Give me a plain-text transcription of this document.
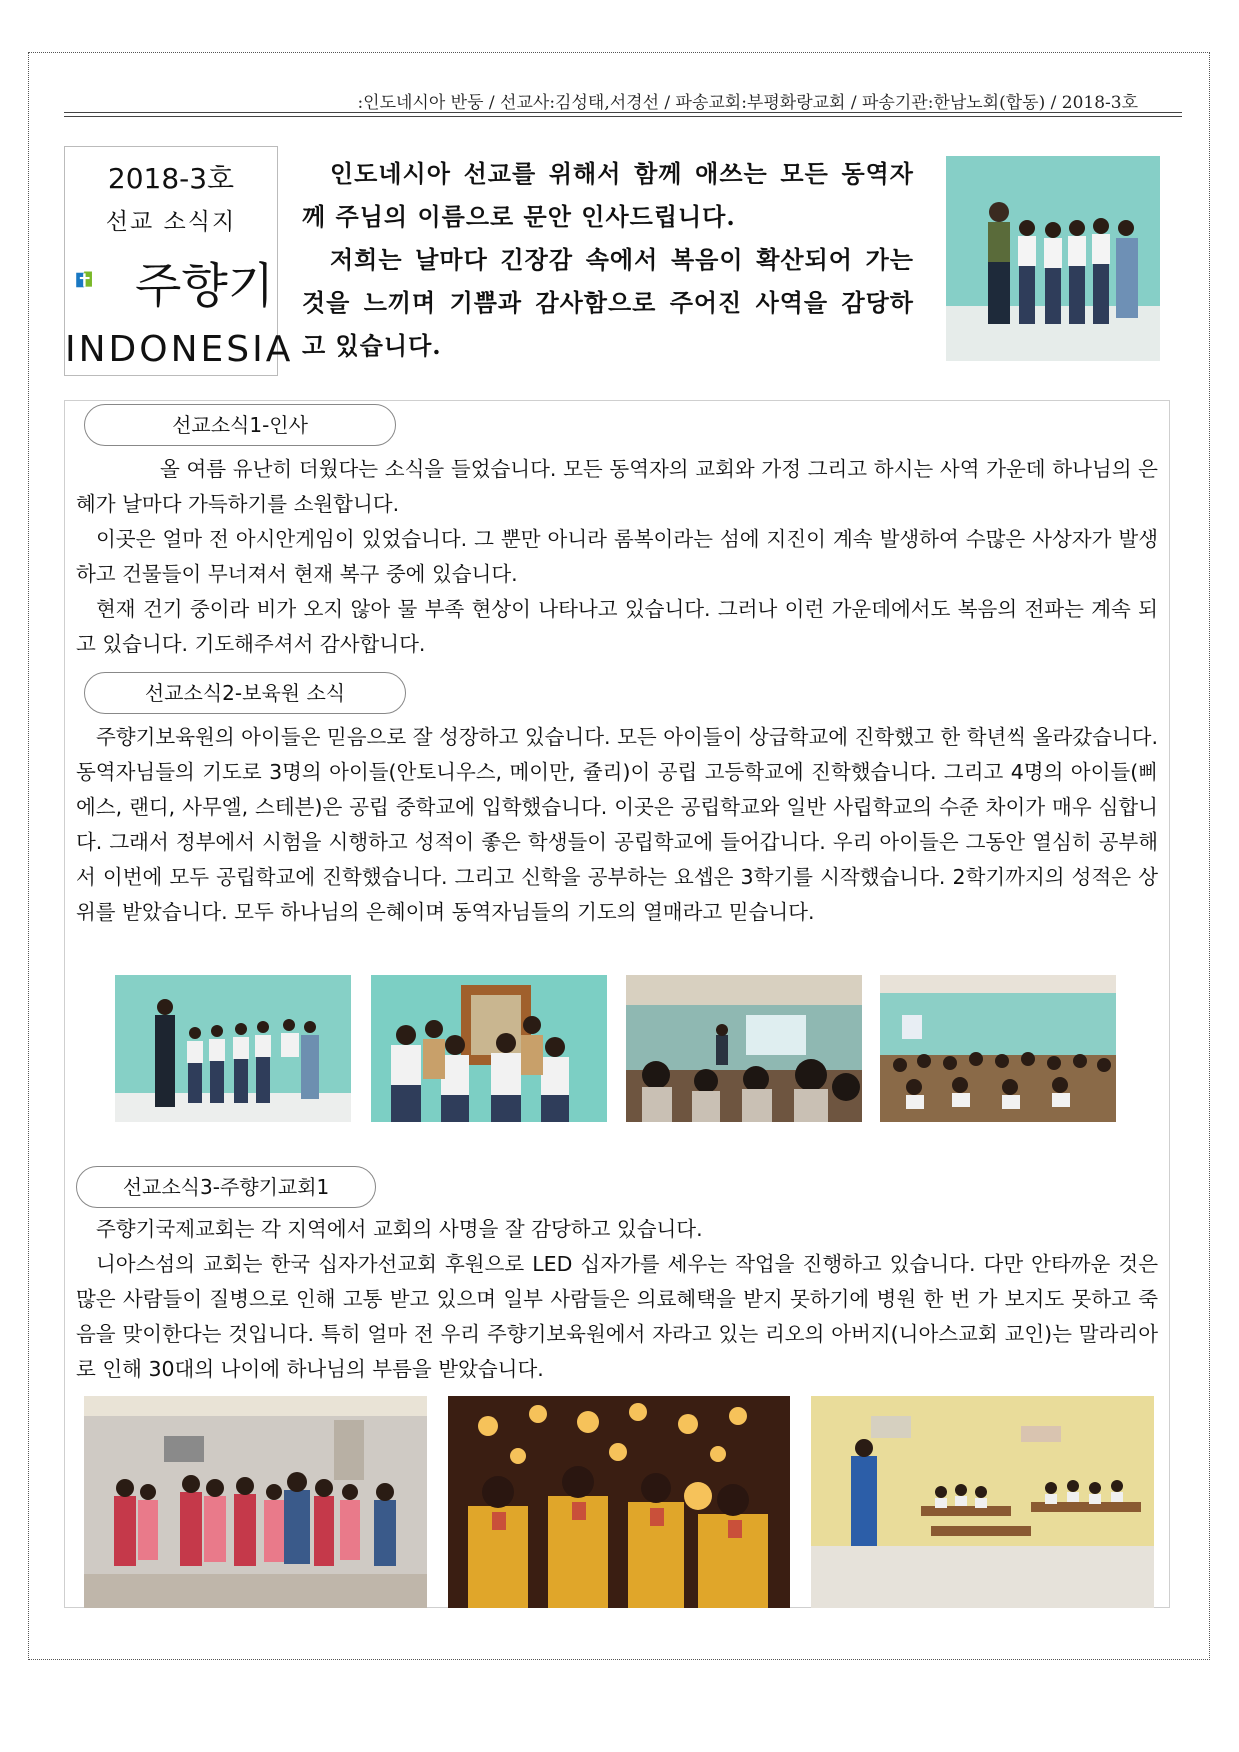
:인도네시아 반둥 / 선교사:김성태,서경선 / 파송교회:부평화랑교회 / 파송기관:한남노회(합동) / 2018-3호
2018-3호
선교 소식지
주향기
INDONESIA

인도네시아 선교를 위해서 함께 애쓰는 모든 동역자께 주님의 이름으로 문안 인사드립니다.

저희는 날마다 긴장감 속에서 복음이 확산되어 가는 것을 느끼며 기쁨과 감사함으로 주어진 사역을 감당하고 있습니다.

선교소식1-인사

올 여름 유난히 더웠다는 소식을 들었습니다. 모든 동역자의 교회와 가정 그리고 하시는 사역 가운데 하나님의 은혜가 날마다 가득하기를 소원합니다.

이곳은 얼마 전 아시안게임이 있었습니다. 그 뿐만 아니라 롬복이라는 섬에 지진이 계속 발생하여 수많은 사상자가 발생하고 건물들이 무너져서 현재 복구 중에 있습니다.

현재 건기 중이라 비가 오지 않아 물 부족 현상이 나타나고 있습니다. 그러나 이런 가운데에서도 복음의 전파는 계속 되고 있습니다. 기도해주셔서 감사합니다.

선교소식2-보육원 소식

주향기보육원의 아이들은 믿음으로 잘 성장하고 있습니다. 모든 아이들이 상급학교에 진학했고 한 학년씩 올라갔습니다. 동역자님들의 기도로 3명의 아이들(안토니우스, 메이만, 쥴리)이 공립 고등학교에 진학했습니다. 그리고 4명의 아이들(삐에스, 랜디, 사무엘, 스테븐)은 공립 중학교에 입학했습니다. 이곳은 공립학교와 일반 사립학교의 수준 차이가 매우 심합니다. 그래서 정부에서 시험을 시행하고 성적이 좋은 학생들이 공립학교에 들어갑니다. 우리 아이들은 그동안 열심히 공부해서 이번에 모두 공립학교에 진학했습니다. 그리고 신학을 공부하는 요셉은 3학기를 시작했습니다. 2학기까지의 성적은 상위를 받았습니다. 모두 하나님의 은혜이며 동역자님들의 기도의 열매라고 믿습니다.

선교소식3-주향기교회1

주향기국제교회는 각 지역에서 교회의 사명을 잘 감당하고 있습니다.

니아스섬의 교회는 한국 십자가선교회 후원으로 LED 십자가를 세우는 작업을 진행하고 있습니다. 다만 안타까운 것은 많은 사람들이 질병으로 인해 고통 받고 있으며 일부 사람들은 의료혜택을 받지 못하기에 병원 한 번 가 보지도 못하고 죽음을 맞이한다는 것입니다. 특히 얼마 전 우리 주향기보육원에서 자라고 있는 리오의 아버지(니아스교회 교인)는 말라리아로 인해 30대의 나이에 하나님의 부름을 받았습니다.
